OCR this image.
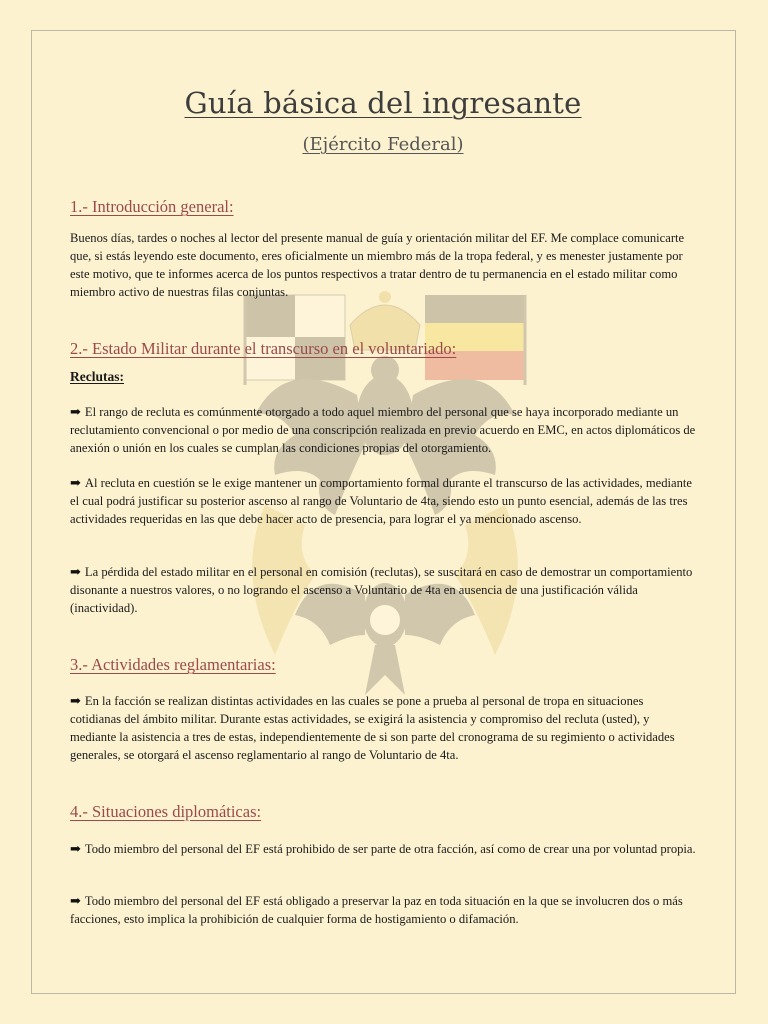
Guía básica del ingresante
(Ejército Federal)
1.- Introducción general:

Buenos días, tardes o noches al lector del presente manual de guía y orientación militar del EF. Me complace comunicarte que, si estás leyendo este documento, eres oficialmente un miembro más de la tropa federal, y es menester justamente por este motivo, que te informes acerca de los puntos respectivos a tratar dentro de tu permanencia en el estado militar como miembro activo de nuestras filas conjuntas.

2.- Estado Militar durante el transcurso en el voluntariado:
Reclutas:
➡ El rango de recluta es comúnmente otorgado a todo aquel miembro del personal que se haya incorporado mediante un reclutamiento convencional o por medio de una conscripción realizada en previo acuerdo en EMC, en actos diplomáticos de anexión o unión en los cuales se cumplan las condiciones propias del otorgamiento.
➡ Al recluta en cuestión se le exige mantener un comportamiento formal durante el transcurso de las actividades, mediante el cual podrá justificar su posterior ascenso al rango de Voluntario de 4ta, siendo esto un punto esencial, además de las tres actividades requeridas en las que debe hacer acto de presencia, para lograr el ya mencionado ascenso.
➡ La pérdida del estado militar en el personal en comisión (reclutas), se suscitará en caso de demostrar un comportamiento disonante a nuestros valores, o no logrando el ascenso a Voluntario de 4ta en ausencia de una justificación válida (inactividad).
3.- Actividades reglamentarias:
➡ En la facción se realizan distintas actividades en las cuales se pone a prueba al personal de tropa en situaciones cotidianas del ámbito militar. Durante estas actividades, se exigirá la asistencia y compromiso del recluta (usted), y mediante la asistencia a tres de estas, independientemente de si son parte del cronograma de su regimiento o actividades generales, se otorgará el ascenso reglamentario al rango de Voluntario de 4ta.
4.- Situaciones diplomáticas:
➡ Todo miembro del personal del EF está prohibido de ser parte de otra facción, así como de crear una por voluntad propia.
➡ Todo miembro del personal del EF está obligado a preservar la paz en toda situación en la que se involucren dos o más facciones, esto implica la prohibición de cualquier forma de hostigamiento o difamación.
